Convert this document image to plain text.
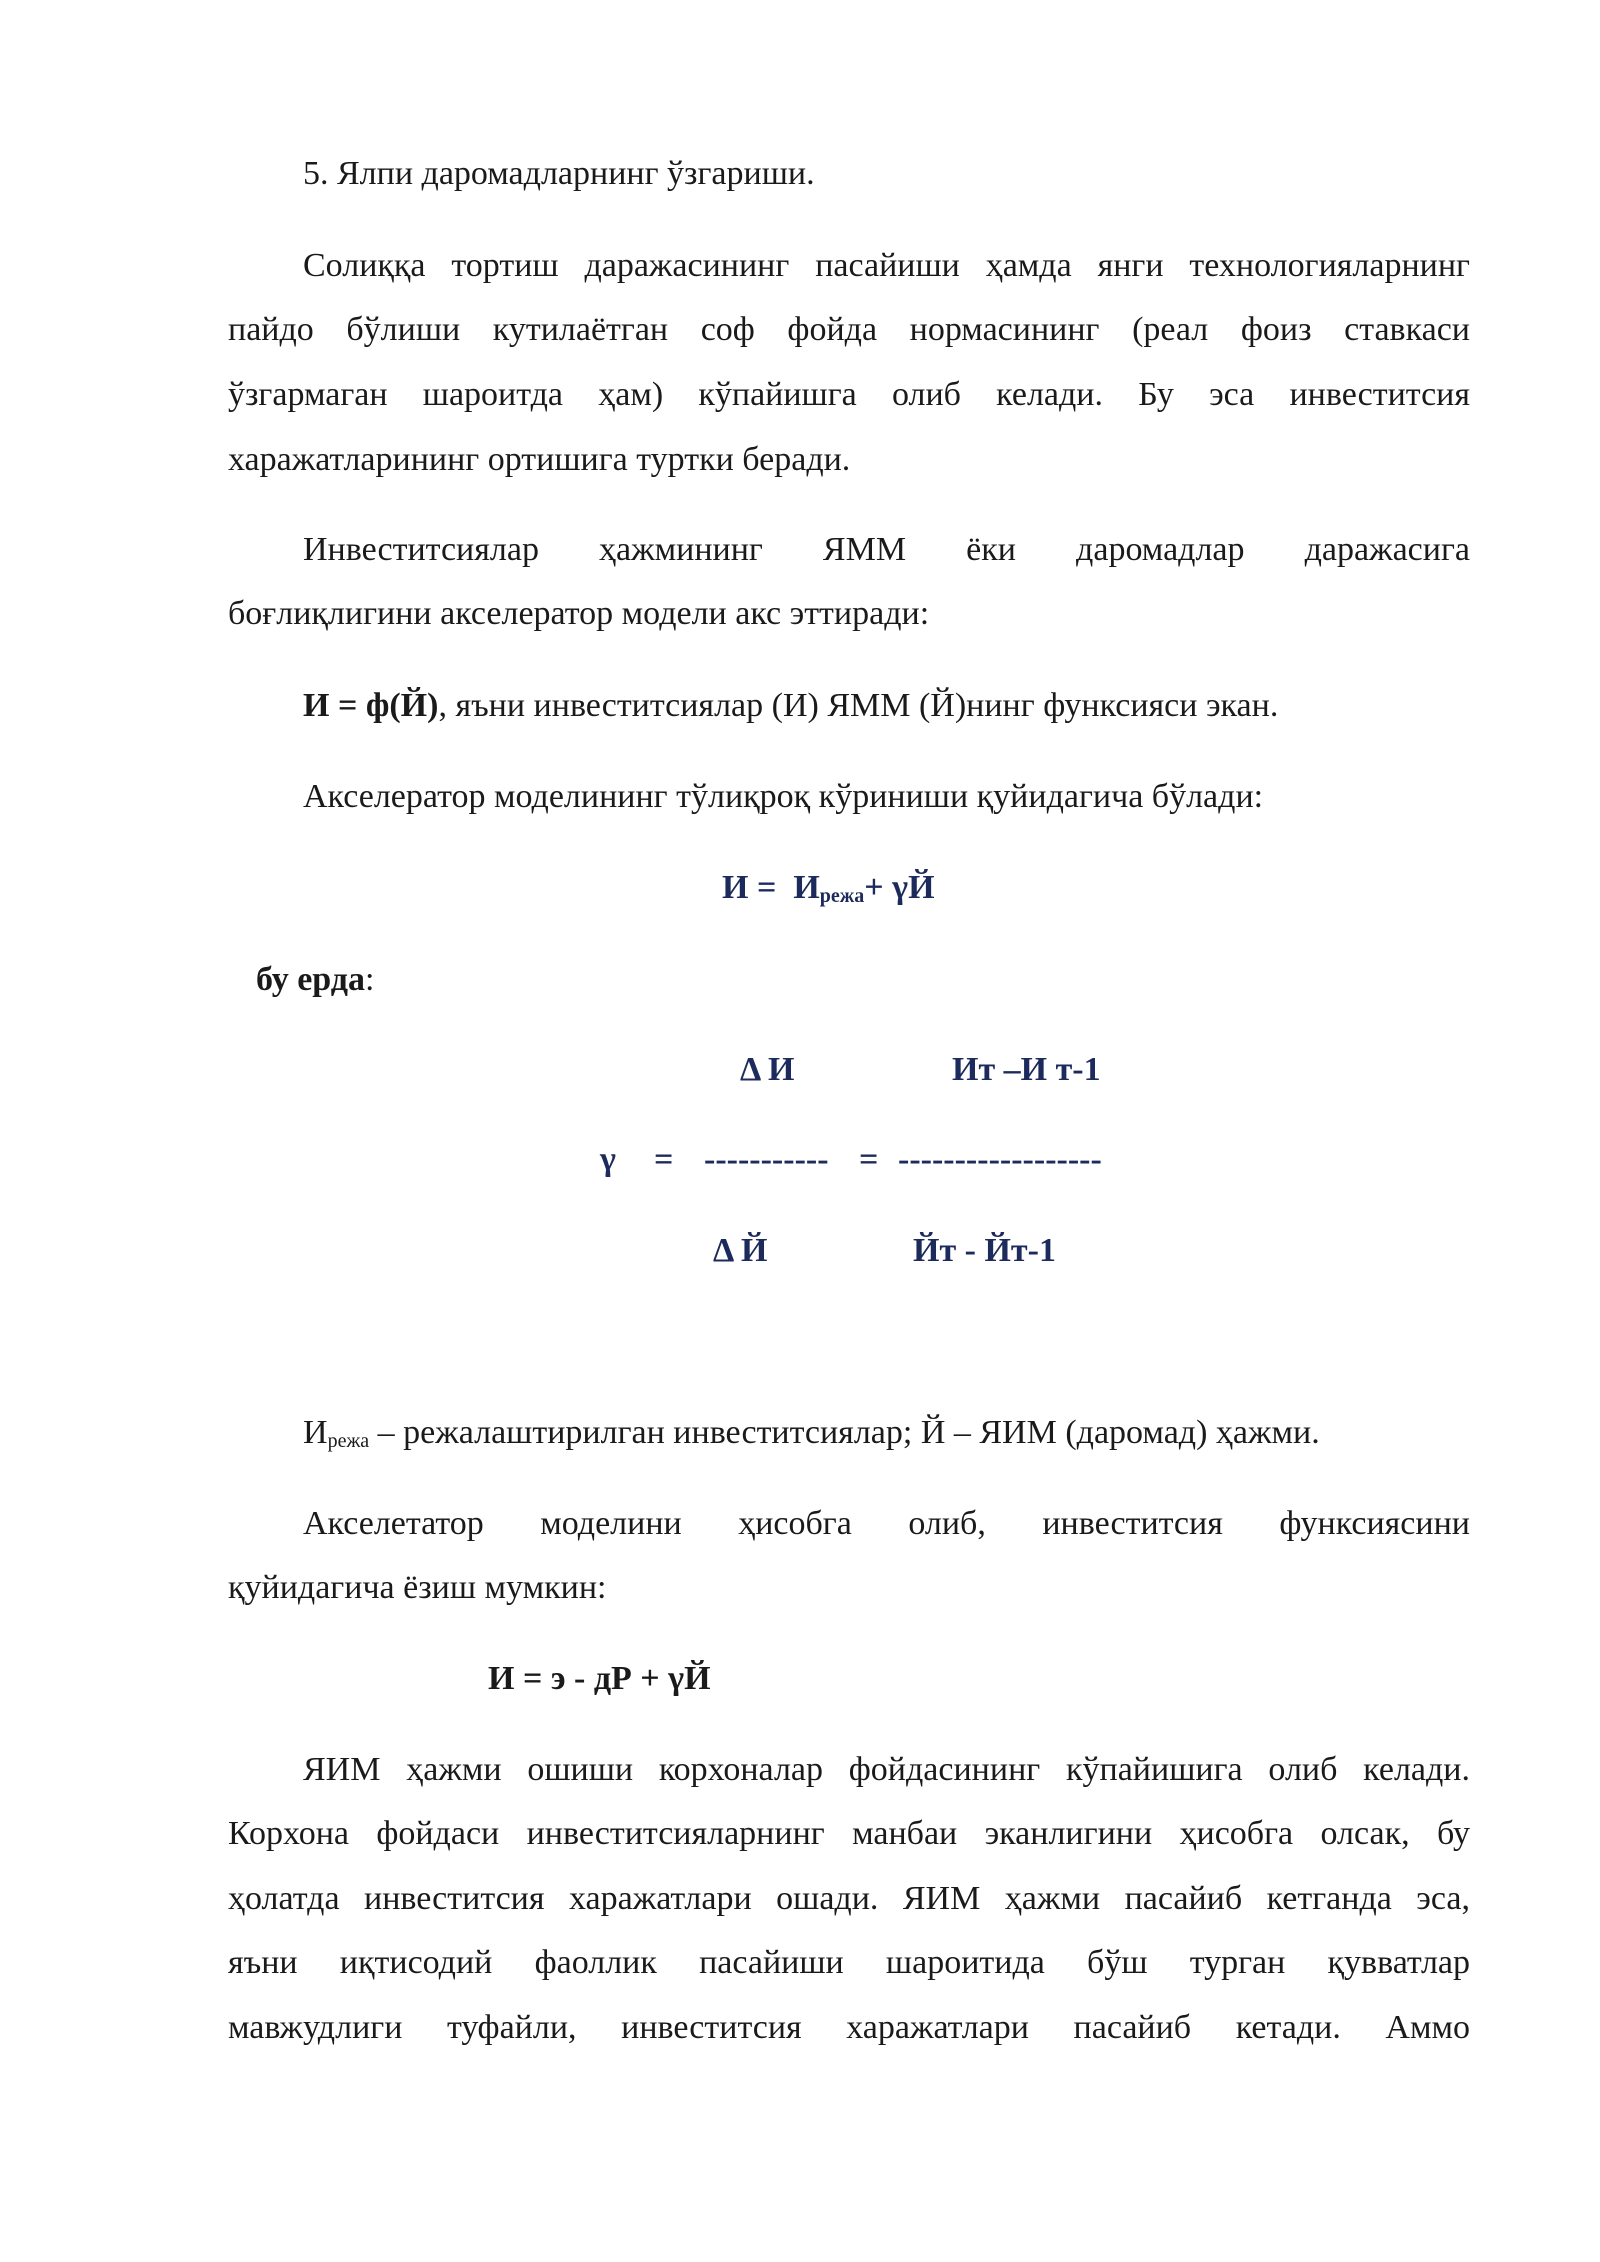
5. Ялпи даромадларнинг ўзгариши.
Солиққа тортиш даражасининг пасайиши ҳамда янги технологияларнинг
пайдо бўлиши кутилаётган соф фойда нормасининг (реал фоиз ставкаси
ўзгармаган шароитда ҳам) кўпайишга олиб келади. Бу эса инвеститсия
харажатларининг ортишига туртки беради.
Инвеститсиялар ҳажмининг ЯММ ёки даромадлар даражасига
боғлиқлигини акселератор модели акс эттиради:
И = ф(Й), яъни инвеститсиялар (И) ЯММ (Й)нинг функсияси экан.
Акселератор моделининг тўлиқроқ кўриниши қуйидагича бўлади:
$И = И_{режа}+ \gamma Й$
бу ерда:
Δ И	Ит –И т-1
γ = ----------- = ------------------
Δ Й	Йт - Йт-1
$И_{режа}$ – режалаштирилган инвеститсиялар; Й – ЯИМ (даромад) ҳажми.
Акселетатор моделини ҳисобга олиб, инвеститсия функсиясини
қуйидагича ёзиш мумкин:
И = э - дР + γЙ
ЯИМ ҳажми ошиши корхоналар фойдасининг кўпайишига олиб келади.
Корхона фойдаси инвеститсияларнинг манбаи эканлигини ҳисобга олсак, бу
ҳолатда инвеститсия харажатлари ошади. ЯИМ ҳажми пасайиб кетганда эса,
яъни иқтисодий фаоллик пасайиши шароитида бўш турган қувватлар
мавжудлиги туфайли, инвеститсия харажатлари пасайиб кетади. Аммо
